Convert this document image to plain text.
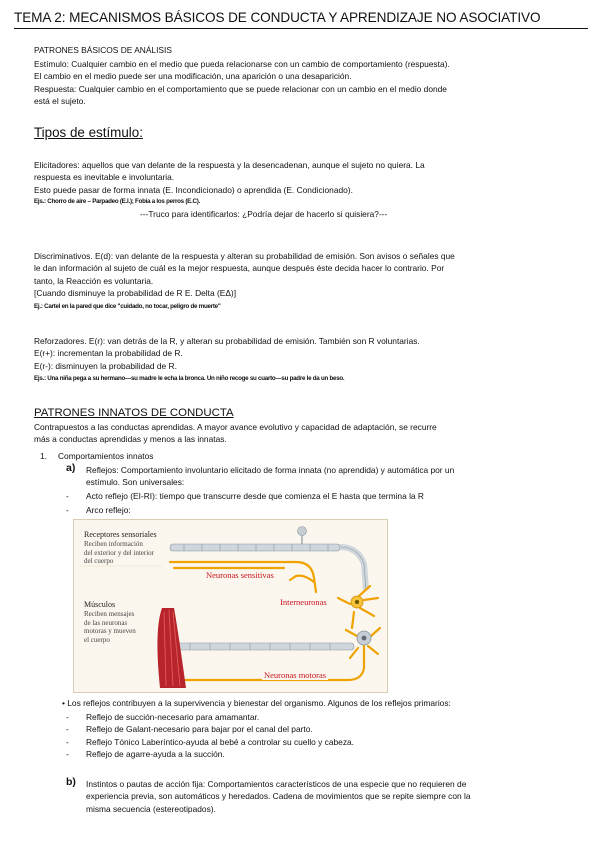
TEMA 2: MECANISMOS BÁSICOS DE CONDUCTA Y APRENDIZAJE NO ASOCIATIVO
PATRONES BÁSICOS DE ANÁLISIS
Estímulo: Cualquier cambio en el medio que pueda relacionarse con un cambio de comportamiento (respuesta).
El cambio en el medio puede ser una modificación, una aparición o una desaparición.
Respuesta: Cualquier cambio en el comportamiento que se puede relacionar con un cambio en el medio donde
está el sujeto.
Tipos de estímulo:
Elicitadores: aquellos que van delante de la respuesta y la desencadenan, aunque el sujeto no quiera. La
respuesta es inevitable e involuntaria.
Esto puede pasar de forma innata (E. Incondicionado) o aprendida (E. Condicionado).
Ejs.: Chorro de aire – Parpadeo (E.I.); Fobia a los perros (E.C).
---Truco para identificarlos: ¿Podría dejar de hacerlo si quisiera?---
Discriminativos. E(d): van delante de la respuesta y alteran su probabilidad de emisión. Son avisos o señales que
le dan información al sujeto de cuál es la mejor respuesta, aunque después éste decida hacer lo contrario. Por
tanto, la Reacción es voluntaria.
[Cuando disminuye la probabilidad de R E. Delta (EΔ)]
Ej.: Cartel en la pared que dice "cuidado, no tocar, peligro de muerte"
Reforzadores. E(r): van detrás de la R, y alteran su probabilidad de emisión. También son R voluntarias.
E(r+): incrementan la probabilidad de R.
E(r-): disminuyen la probabilidad de R.
Ejs.: Una niña pega a su hermano—su madre le echa la bronca. Un niño recoge su cuarto—su padre le da un beso.
PATRONES INNATOS DE CONDUCTA
Contrapuestos a las conductas aprendidas. A mayor avance evolutivo y capacidad de adaptación, se recurre
más a conductas aprendidas y menos a las innatas.
1. Comportamientos innatos
a) Reflejos: Comportamiento involuntario elicitado de forma innata (no aprendida) y automática por un
estímulo. Son universales:
- Acto reflejo (EI-RI): tiempo que transcurre desde que comienza el E hasta que termina la R
- Arco reflejo:
Receptores sensoriales
Reciben información
del exterior y del interior
del cuerpo
Neuronas sensitivas
Interneuronas
Músculos
Reciben mensajes
de las neuronas
motoras y mueven
el cuerpo
Neuronas motoras
• Los reflejos contribuyen a la supervivencia y bienestar del organismo. Algunos de los reflejos primarios:
- Reflejo de succión-necesario para amamantar.
- Reflejo de Galant-necesario para bajar por el canal del parto.
- Reflejo Tónico Laberíntico-ayuda al bebé a controlar su cuello y cabeza.
- Reflejo de agarre-ayuda a la succión.
b) Instintos o pautas de acción fija: Comportamientos característicos de una especie que no requieren de
experiencia previa, son automáticos y heredados. Cadena de movimientos que se repite siempre con la
misma secuencia (estereotipados).
